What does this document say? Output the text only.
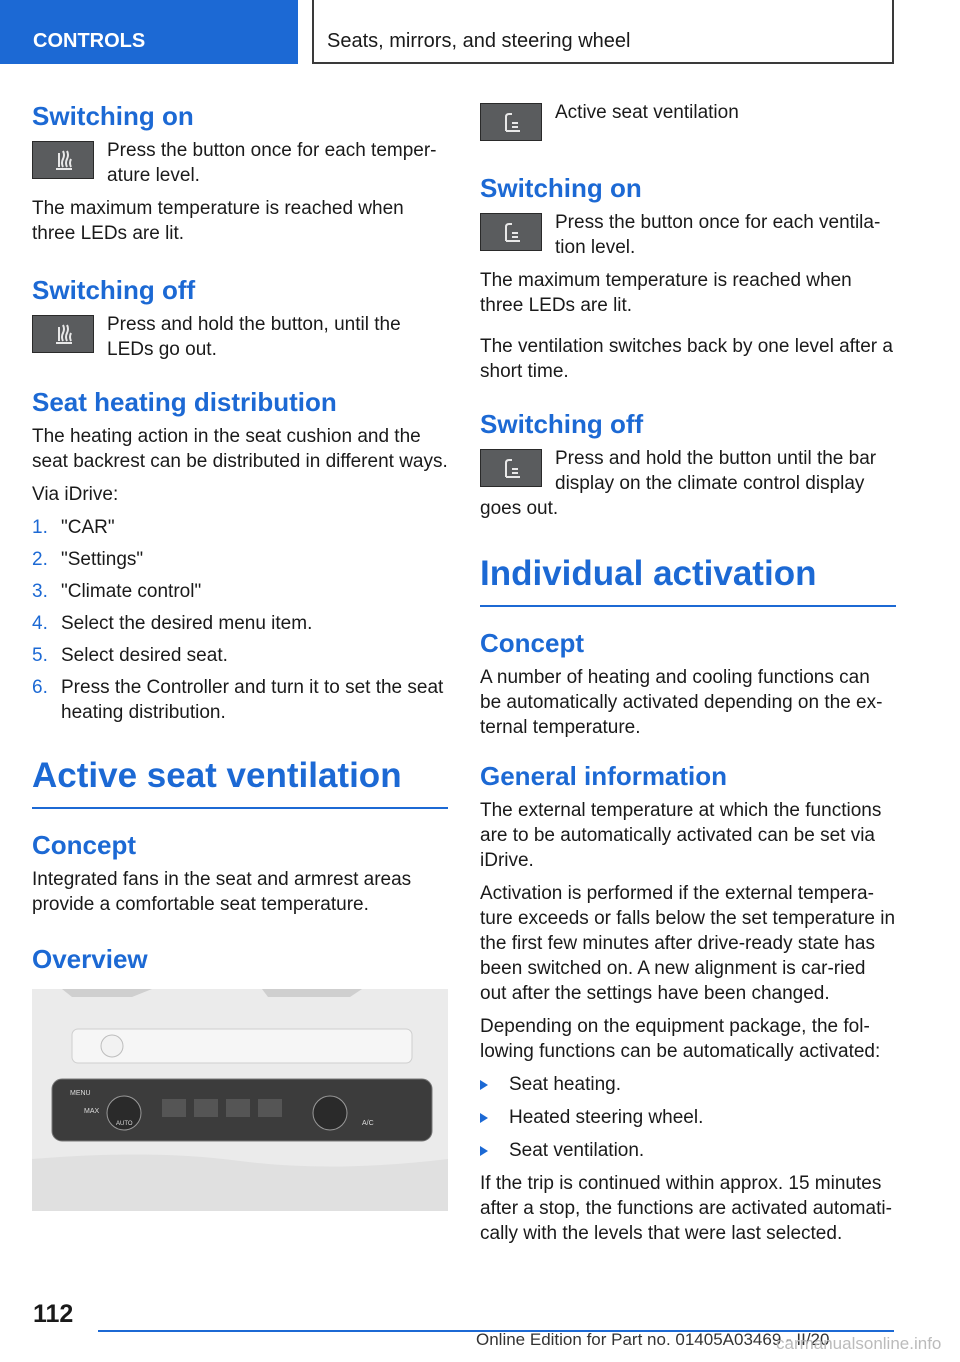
CONTROLS	Seats, mirrors, and steering wheel
Switching on
Press the button once for each temper-ature level.
The maximum temperature is reached when three LEDs are lit.
Switching off
Press and hold the button, until the LEDs go out.
Seat heating distribution
The heating action in the seat cushion and the seat backrest can be distributed in different ways.
Via iDrive:
1. "CAR"
2. "Settings"
3. "Climate control"
4. Select the desired menu item.
5. Select desired seat.
6. Press the Controller and turn it to set the seat heating distribution.
Active seat ventilation
Concept
Integrated fans in the seat and armrest areas provide a comfortable seat temperature.
Overview
MENU
MAX
AUTO	A/C
Active seat ventilation
Switching on
Press the button once for each ventila-tion level.
The maximum temperature is reached when three LEDs are lit.
The ventilation switches back by one level after a short time.
Switching off
Press and hold the button until the bar display on the climate control display
goes out.
Individual activation
Concept
A number of heating and cooling functions can be automatically activated depending on the ex-ternal temperature.
General information
The external temperature at which the functions are to be automatically activated can be set via iDrive.
Activation is performed if the external tempera-ture exceeds or falls below the set temperature in the first few minutes after drive-ready state has been switched on. A new alignment is car-ried out after the settings have been changed.
Depending on the equipment package, the fol-lowing functions can be automatically activated:
Seat heating.
Heated steering wheel.
Seat ventilation.
If the trip is continued within approx. 15 minutes after a stop, the functions are activated automati-cally with the levels that were last selected.
112
Online Edition for Part no. 01405A03469 - II/20
carmanualsonline.info
